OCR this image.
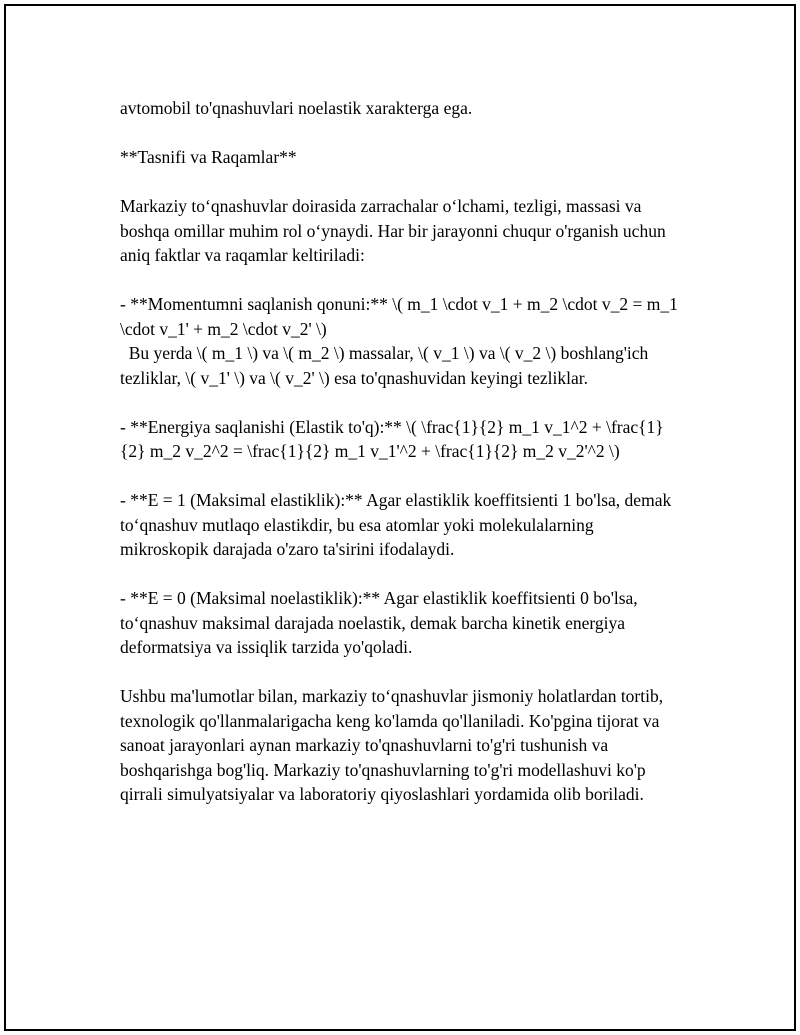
avtomobil to'qnashuvlari noelastik xarakterga ega.

**Tasnifi va Raqamlar**

Markaziy to‘qnashuvlar doirasida zarrachalar o‘lchami, tezligi, massasi va boshqa omillar muhim rol o‘ynaydi. Har bir jarayonni chuqur o'rganish uchun aniq faktlar va raqamlar keltiriladi:

- **Momentumni saqlanish qonuni:** \( m_1 \cdot v_1 + m_2 \cdot v_2 = m_1 \cdot v_1' + m_2 \cdot v_2' \)
Bu yerda \( m_1 \) va \( m_2 \) massalar, \( v_1 \) va \( v_2 \) boshlang'ich tezliklar, \( v_1' \) va \( v_2' \) esa to'qnashuvidan keyingi tezliklar.

- **Energiya saqlanishi (Elastik to'q):** \( \frac{1}{2} m_1 v_1^2 + \frac{1}{2} m_2 v_2^2 = \frac{1}{2} m_1 v_1'^2 + \frac{1}{2} m_2 v_2'^2 \)

- **E = 1 (Maksimal elastiklik):** Agar elastiklik koeffitsienti 1 bo'lsa, demak to‘qnashuv mutlaqo elastikdir, bu esa atomlar yoki molekulalarning mikroskopik darajada o'zaro ta'sirini ifodalaydi.

- **E = 0 (Maksimal noelastiklik):** Agar elastiklik koeffitsienti 0 bo'lsa, to‘qnashuv maksimal darajada noelastik, demak barcha kinetik energiya deformatsiya va issiqlik tarzida yo'qoladi.

Ushbu ma'lumotlar bilan, markaziy to‘qnashuvlar jismoniy holatlardan tortib, texnologik qo'llanmalarigacha keng ko'lamda qo'llaniladi. Ko'pgina tijorat va sanoat jarayonlari aynan markaziy to'qnashuvlarni to'g'ri tushunish va boshqarishga bog'liq. Markaziy to'qnashuvlarning to'g'ri modellashuvi ko'p qirrali simulyatsiyalar va laboratoriy qiyoslashlari yordamida olib boriladi.
